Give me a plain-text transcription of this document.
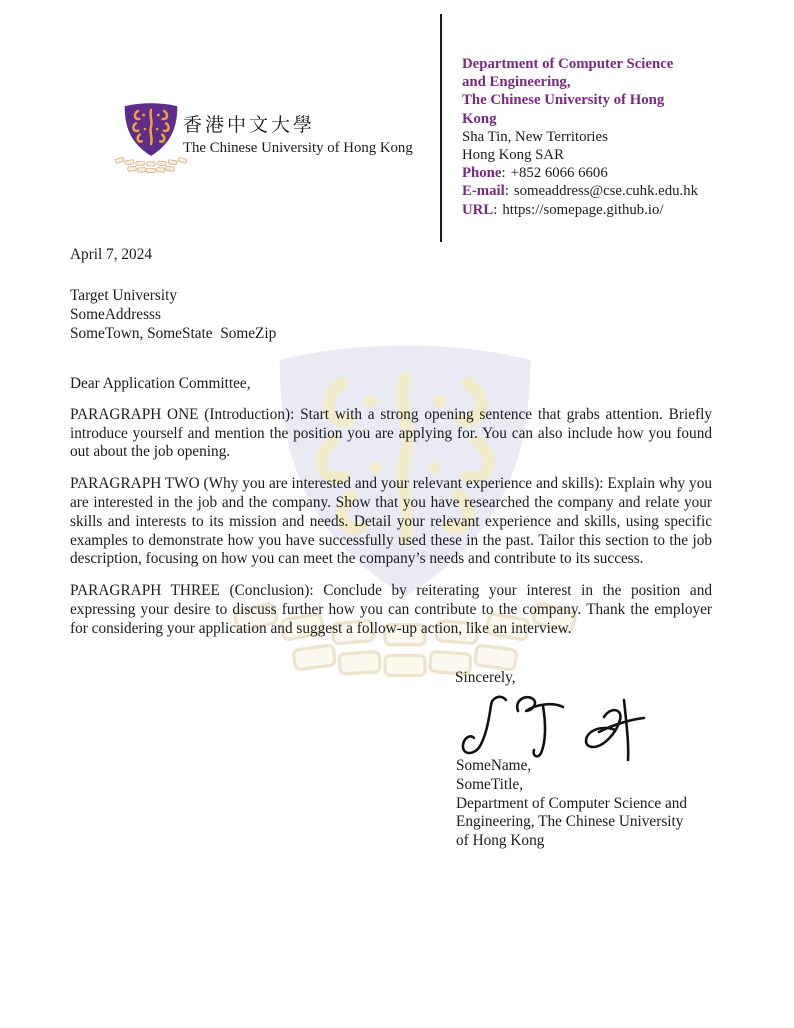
香港中文大學
The Chinese University of Hong Kong
Department of Computer Science
and Engineering,
The Chinese University of Hong
Kong
Sha Tin, New Territories
Hong Kong SAR
Phone: +852 6066 6606
E-mail: someaddress@cse.cuhk.edu.hk
URL: https://somepage.github.io/
April 7, 2024
Target University
SomeAddresss
SomeTown, SomeState  SomeZip
Dear Application Committee,

PARAGRAPH ONE (Introduction): Start with a strong opening sentence that grabs attention. Briefly introduce yourself and mention the position you are applying for. You can also include how you found out about the job opening.

PARAGRAPH TWO (Why you are interested and your relevant experience and skills): Explain why you are interested in the job and the company. Show that you have researched the company and relate your skills and interests to its mission and needs. Detail your relevant experience and skills, using specific examples to demonstrate how you have successfully used these in the past. Tailor this section to the job description, focusing on how you can meet the company’s needs and contribute to its success.

PARAGRAPH THREE (Conclusion): Conclude by reiterating your interest in the position and expressing your desire to discuss further how you can contribute to the company. Thank the employer for considering your application and suggest a follow-up action, like an interview.

Sincerely,
SomeName,
SomeTitle,
Department of Computer Science and
Engineering, The Chinese University
of Hong Kong
